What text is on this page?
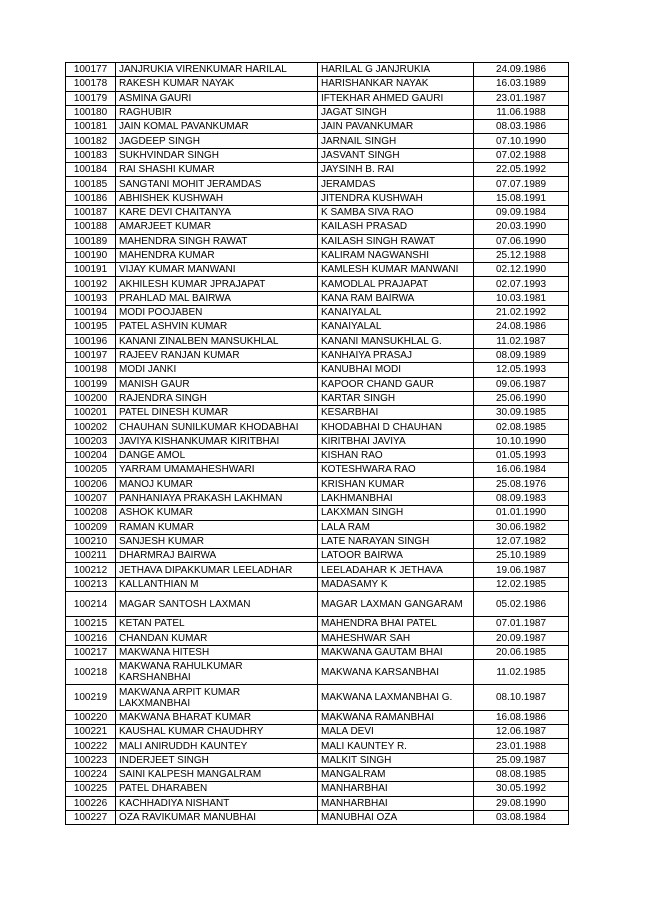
100177	JANJRUKIA VIRENKUMAR HARILAL	HARILAL G JANJRUKIA	24.09.1986
100178	RAKESH KUMAR NAYAK	HARISHANKAR NAYAK	16.03.1989
100179	ASMINA GAURI	IFTEKHAR AHMED GAURI	23.01.1987
100180	RAGHUBIR	JAGAT SINGH	11.06.1988
100181	JAIN KOMAL PAVANKUMAR	JAIN PAVANKUMAR	08.03.1986
100182	JAGDEEP SINGH	JARNAIL SINGH	07.10.1990
100183	SUKHVINDAR SINGH	JASVANT SINGH	07.02.1988
100184	RAI SHASHI KUMAR	JAYSINH B. RAI	22.05.1992
100185	SANGTANI MOHIT JERAMDAS	JERAMDAS	07.07.1989
100186	ABHISHEK KUSHWAH	JITENDRA KUSHWAH	15.08.1991
100187	KARE DEVI CHAITANYA	K SAMBA SIVA RAO	09.09.1984
100188	AMARJEET KUMAR	KAILASH PRASAD	20.03.1990
100189	MAHENDRA SINGH RAWAT	KAILASH SINGH RAWAT	07.06.1990
100190	MAHENDRA KUMAR	KALIRAM NAGWANSHI	25.12.1988
100191	VIJAY KUMAR MANWANI	KAMLESH KUMAR MANWANI	02.12.1990
100192	AKHILESH KUMAR JPRAJAPAT	KAMODLAL PRAJAPAT	02.07.1993
100193	PRAHLAD MAL BAIRWA	KANA RAM BAIRWA	10.03.1981
100194	MODI POOJABEN	KANAIYALAL	21.02.1992
100195	PATEL ASHVIN KUMAR	KANAIYALAL	24.08.1986
100196	KANANI ZINALBEN MANSUKHLAL	KANANI MANSUKHLAL G.	11.02.1987
100197	RAJEEV RANJAN KUMAR	KANHAIYA PRASAJ	08.09.1989
100198	MODI JANKI	KANUBHAI MODI	12.05.1993
100199	MANISH GAUR	KAPOOR CHAND GAUR	09.06.1987
100200	RAJENDRA SINGH	KARTAR SINGH	25.06.1990
100201	PATEL DINESH KUMAR	KESARBHAI	30.09.1985
100202	CHAUHAN SUNILKUMAR KHODABHAI	KHODABHAI D CHAUHAN	02.08.1985
100203	JAVIYA KISHANKUMAR KIRITBHAI	KIRITBHAI JAVIYA	10.10.1990
100204	DANGE AMOL	KISHAN RAO	01.05.1993
100205	YARRAM UMAMAHESHWARI	KOTESHWARA RAO	16.06.1984
100206	MANOJ KUMAR	KRISHAN KUMAR	25.08.1976
100207	PANHANIAYA PRAKASH LAKHMAN	LAKHMANBHAI	08.09.1983
100208	ASHOK KUMAR	LAKXMAN SINGH	01.01.1990
100209	RAMAN KUMAR	LALA RAM	30.06.1982
100210	SANJESH KUMAR	LATE NARAYAN SINGH	12.07.1982
100211	DHARMRAJ BAIRWA	LATOOR BAIRWA	25.10.1989
100212	JETHAVA DIPAKKUMAR LEELADHAR	LEELADAHAR K JETHAVA	19.06.1987
100213	KALLANTHIAN M	MADASAMY K	12.02.1985
100214	MAGAR SANTOSH LAXMAN	MAGAR LAXMAN GANGARAM	05.02.1986
100215	KETAN PATEL	MAHENDRA BHAI PATEL	07.01.1987
100216	CHANDAN KUMAR	MAHESHWAR SAH	20.09.1987
100217	MAKWANA HITESH	MAKWANA GAUTAM BHAI	20.06.1985
100218	MAKWANA RAHULKUMAR KARSHANBHAI	MAKWANA KARSANBHAI	11.02.1985
100219	MAKWANA ARPIT KUMAR LAKXMANBHAI	MAKWANA LAXMANBHAI G.	08.10.1987
100220	MAKWANA BHARAT KUMAR	MAKWANA RAMANBHAI	16.08.1986
100221	KAUSHAL KUMAR CHAUDHRY	MALA DEVI	12.06.1987
100222	MALI ANIRUDDH KAUNTEY	MALI KAUNTEY R.	23.01.1988
100223	INDERJEET SINGH	MALKIT SINGH	25.09.1987
100224	SAINI KALPESH MANGALRAM	MANGALRAM	08.08.1985
100225	PATEL DHARABEN	MANHARBHAI	30.05.1992
100226	KACHHADIYA NISHANT	MANHARBHAI	29.08.1990
100227	OZA RAVIKUMAR MANUBHAI	MANUBHAI OZA	03.08.1984
